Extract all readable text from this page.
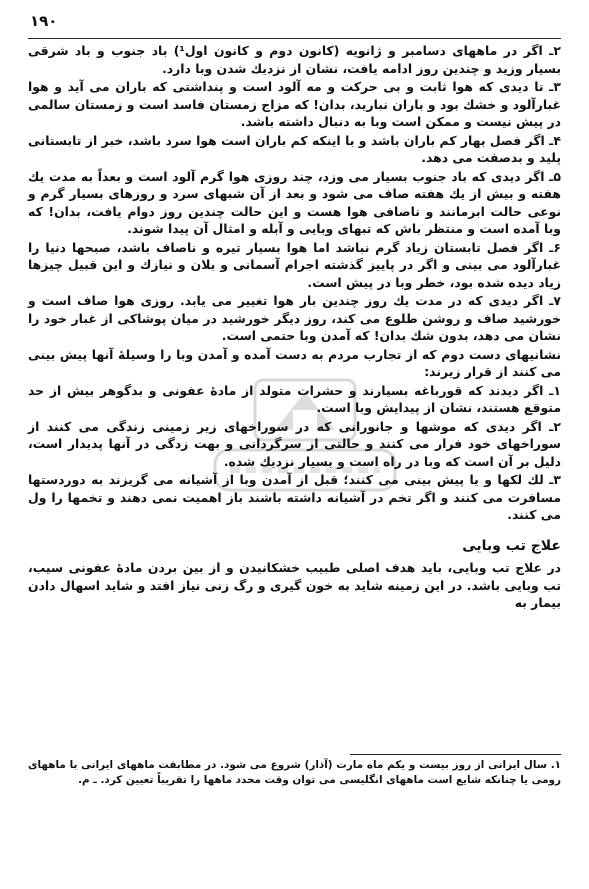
۱۹۰

۲ـ اگر در ماههای دسامبر و ژانویه (کانون دوم و کانون اول¹) باد جنوب و باد شرقی بسیار وزید و چندین روز ادامه یافت، نشان از نزدیك شدن وبا دارد.

۳ـ تا دیدی که هوا ثابت و بی حرکت و مه آلود است و پنداشتی که باران می آید و هوا غبارآلود و خشك بود و باران نبارید، بدان! که مزاج زمستان فاسد است و زمستان سالمی در پیش نیست و ممکن است وبا به دنبال داشته باشد.

۴ـ اگر فصل بهار کم باران باشد و با اینکه کم باران است هوا سرد باشد، خبر از تابستانی پلید و بدصفت می دهد.

۵ـ اگر دیدی که باد جنوب بسیار می وزد، چند روزی هوا گرم آلود است و بعداً به مدت یك هفته و بیش از یك هفته صاف می شود و بعد از آن شبهای سرد و روزهای بسیار گرم و نوعی حالت ابرمانند و ناصافی هوا هست و این حالت چندین روز دوام یافت، بدان! که وبا آمده است و منتظر باش که تبهای وبایی و آبله و امثال آن پیدا شوند.

۶ـ اگر فصل تابستان زیاد گرم نباشد اما هوا بسیار تیره و ناصاف باشد، صبحها دنیا را غبارآلود می بینی و اگر در پاییز گذشته اجرام آسمانی و بلان و نیازك و این قبیل چیزها زیاد دیده شده بود، خطر وبا در پیش است.

۷ـ اگر دیدی که در مدت یك روز چندین بار هوا تغییر می یابد. روزی هوا صاف است و خورشید صاف و روشن طلوع می کند، روز دیگر خورشید در میان پوشاکی از غبار خود را نشان می دهد، بدون شك بدان! که آمدن وبا حتمی است.

نشانیهای دست دوم که از تجارب مردم به دست آمده و آمدن وبا را وسیلهٔ آنها پیش بینی می کنند از قرار زیرند:

۱ـ اگر دیدند که قورباغه بسیارند و حشرات متولد از مادهٔ عفونی و بدگوهر بیش از حد متوقع هستند، نشان از پیدایش وبا است.

۲ـ اگر دیدی که موشها و جانورانی که در سوراخهای زیر زمینی زندگی می کنند از سوراخهای خود فرار می کنند و حالتی از سرگردانی و بهت زدگی در آنها پدیدار است، دلیل بر آن است که وبا در راه است و بسیار نزدیك شده.

۳ـ لك لکها و یا پیش بینی می کنند؛ قبل از آمدن وبا از آشیانه می گریزند به دوردستها مسافرت می کنند و اگر تخم در آشیانه داشته باشند باز اهمیت نمی دهند و تخمها را ول می کنند.

علاج تب وبایی

در علاج تب وبایی، باید هدف اصلی طبیب خشکانیدن و از بین بردن مادهٔ عفونی سیب، تب وبایی باشد. در این زمینه شاید به خون گیری و رگ زنی نیاز افتد و شاید اسهال دادن بیمار به

۱. سال ایرانی از روز بیست و یکم ماه مارت (آذار) شروع می شود. در مطابقت ماههای ایرانی با ماههای رومی یا چنانکه شایع است ماههای انگلیسی می توان وقت محدد ماهها را تقریباً تعیین کرد. ـ م.
